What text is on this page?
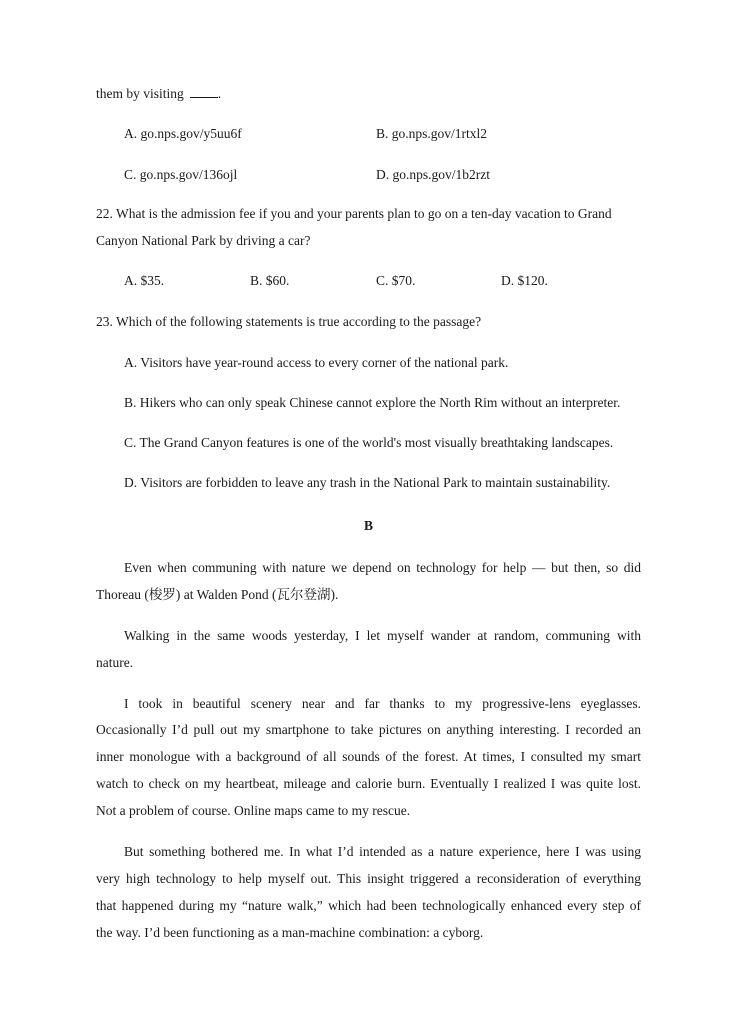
them by visiting	.
A. go.nps.gov/y5uu6f	B. go.nps.gov/1rtxl2
C. go.nps.gov/136ojl	D. go.nps.gov/1b2rzt
22. What is the admission fee if you and your parents plan to go on a ten-day vacation to Grand
Canyon National Park by driving a car?
A. $35.	B. $60.	C. $70.	D. $120.
23. Which of the following statements is true according to the passage?
A. Visitors have year-round access to every corner of the national park.
B. Hikers who can only speak Chinese cannot explore the North Rim without an interpreter.
C. The Grand Canyon features is one of the world's most visually breathtaking landscapes.
D. Visitors are forbidden to leave any trash in the National Park to maintain sustainability.
B
Even when communing with nature we depend on technology for help — but then, so did
Thoreau (梭罗) at Walden Pond (瓦尔登湖).
Walking in the same woods yesterday, I let myself wander at random, communing with
nature.
I took in beautiful scenery near and far thanks to my progressive-lens eyeglasses.
Occasionally I’d pull out my smartphone to take pictures on anything interesting. I recorded an
inner monologue with a background of all sounds of the forest. At times, I consulted my smart
watch to check on my heartbeat, mileage and calorie burn. Eventually I realized I was quite lost.
Not a problem of course. Online maps came to my rescue.
But something bothered me. In what I’d intended as a nature experience, here I was using
very high technology to help myself out. This insight triggered a reconsideration of everything
that happened during my “nature walk,” which had been technologically enhanced every step of
the way. I’d been functioning as a man-machine combination: a cyborg.
